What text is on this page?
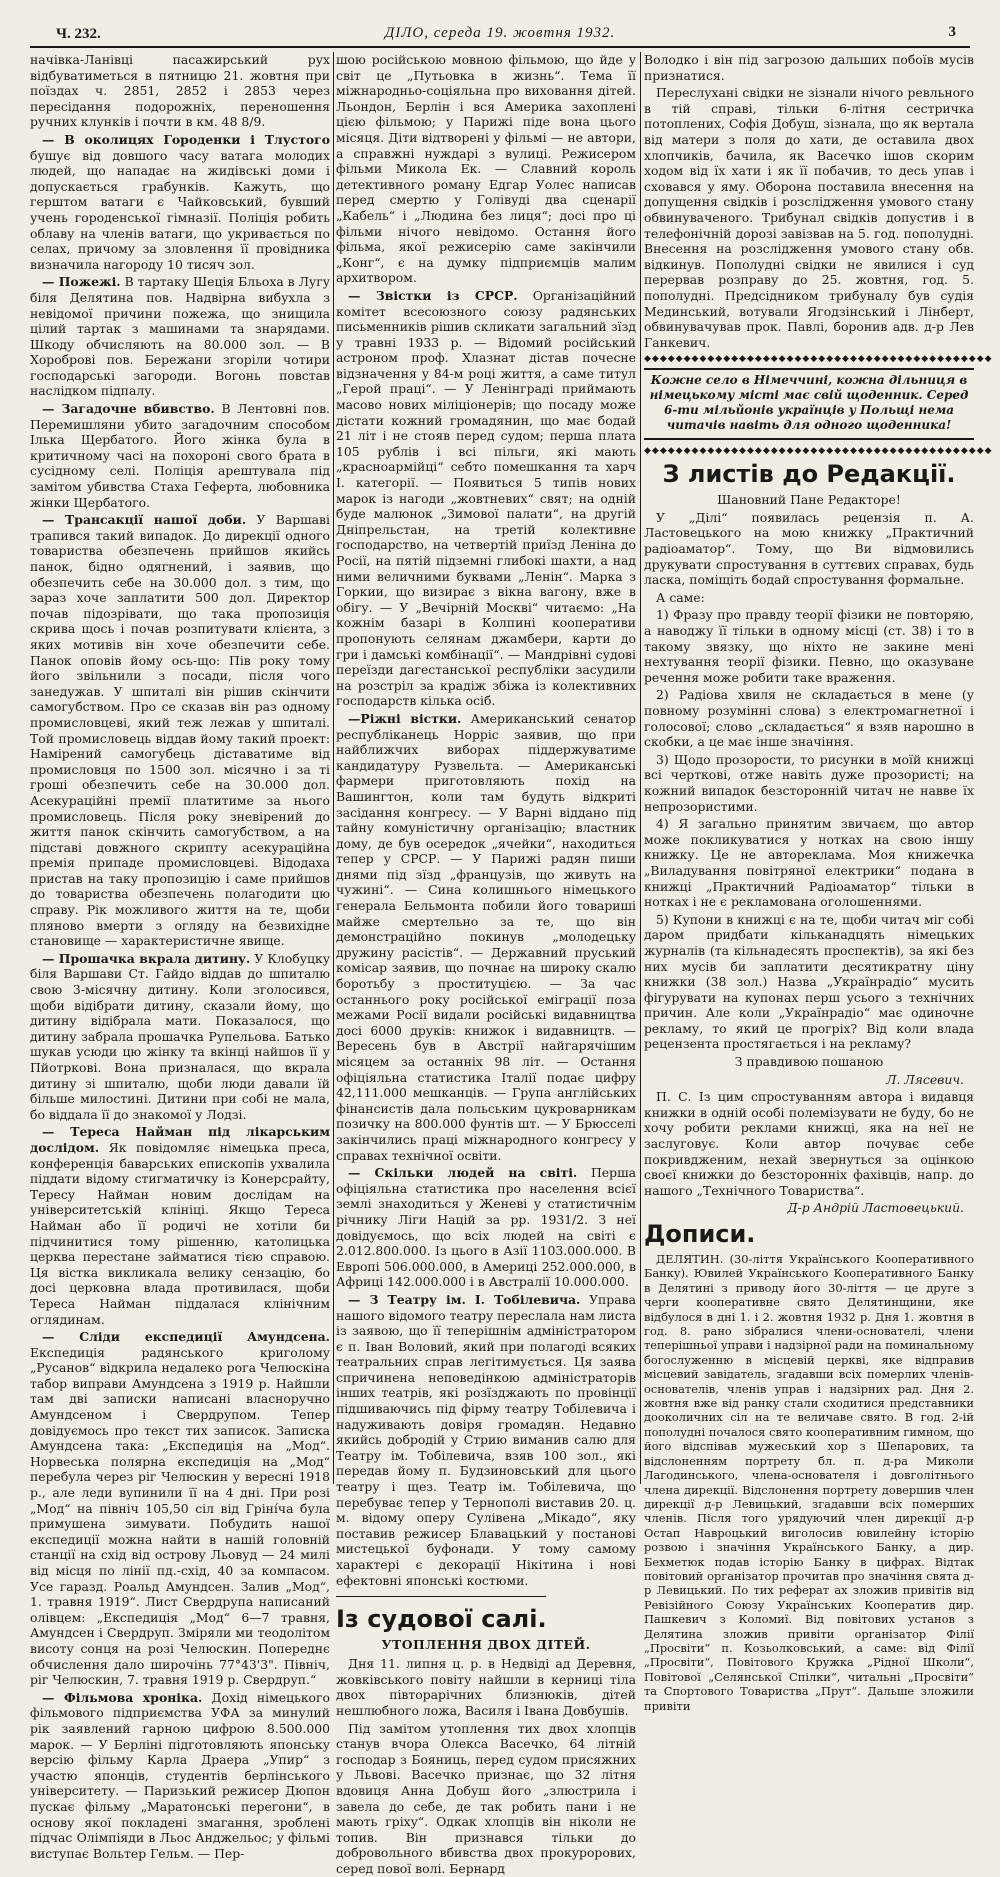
Ч. 232.	ДІЛО, середа 19. жовтня 1932.	3

начівка-Ланівці пасажирський рух відбуватиметься в пятницю 21. жовтня при поїздах ч. 2851, 2852 і 2853 через пересідання подорожніх, переношення ручних клунків і почти в км. 48 8/9.

— В околицях Городенки і Тлустого бушує від довшого часу ватага молодих людей, що нападає на жидівські доми і допускається грабунків. Кажуть, що герштом ватаги є Чайковський, бувший учень городенської гімназії. Поліція робить облаву на членів ватаги, що укривається по селах, причому за зловлення її провідника визначила нагороду 10 тисяч зол.

— Пожежі. В тартаку Шеція Бльоха в Лугу біля Делятина пов. Надвірна вибухла з невідомої причини пожежа, що знищила цілий тартак з машинами та знарядами. Шкоду обчисляють на 80.000 зол. — В Хороброві пов. Бережани згоріли чотири господарські загороди. Вогонь повстав наслідком підпалу.

— Загадочне вбивство. В Лентовні пов. Перемишляни убито загадочним способом Ілька Щербатого. Його жінка була в критичному часі на похороні свого брата в сусідному селі. Поліція арештувала під замітом убивства Стаха Геферта, любовника жінки Щербатого.

— Трансакції нашої доби. У Варшаві трапився такий випадок. До дирекції одного товариства обезпечень прийшов якийсь панок, бідно одягнений, і заявив, що обезпечить себе на 30.000 дол. з тим, що зараз хоче заплатити 500 дол. Директор почав підозрівати, що така пропозиція скрива щось і почав розпитувати клієнта, з яких мотивів він хоче обезпечити себе. Панок оповів йому ось-що: Пів року тому його звільнили з посади, після чого занедужав. У шпиталі він рішив скінчити самогубством. Про се сказав він раз одному промисловцеві, який теж лежав у шпиталі. Той промисловець віддав йому такий проект: Намірений самогубець діставатиме від промисловця по 1500 зол. місячно і за ті гроші обезпечить себе на 30.000 дол. Асекураційні премії платитиме за нього промисловець. Після року зневірений до життя панок скінчить самогубством, а на підставі довжного скрипту асекураційна премія припаде промисловцеві. Відодаха пристав на таку пропозицію і саме прийшов до товариства обезпечень полагодити цю справу. Рік можливого життя на те, щоби пляново вмерти з огляду на безвихідне становище — характеристичне явище.

— Прошачка вкрала дитину. У Клобуцку біля Варшави Ст. Гайдо віддав до шпиталю свою 3-місячну дитину. Коли зголосився, щоби відібрати дитину, сказали йому, що дитину відібрала мати. Показалося, що дитину забрала прошачка Рупельова. Батько шукав усюди цю жінку та вкінці найшов її у Пйотркові. Вона призналася, що вкрала дитину зі шпиталю, щоби люди давали їй більше милостині. Дитини при собі не мала, бо віддала її до знакомої у Лодзі.

— Тереса Найман під лікарським дослідом. Як повідомляє німецька преса, конференція баварських епископів ухвалила піддати відому стигматичку із Конерсрайту, Тересу Найман новим дослідам на університетській клініці. Якщо Тереса Найман або її родичі не хотіли би підчинитися тому рішенню, католицька церква перестане займатися тією справою. Ця вістка викликала велику сензацію, бо досі церковна влада противилася, щоби Тереса Найман піддалася клінічним оглядинам.

— Сліди експедиції Амундсена. Експедиція радянського криголому „Русанов“ відкрила недалеко рога Челюскіна табор виправи Амундсена з 1919 р. Найшли там дві записки написані власноручно Амундсеном і Свердрупом. Тепер довідуємось про текст тих записок. Записка Амундсена така: „Експедиція на „Мод“. Норвеська полярна експедиція на „Мод“ перебула через ріг Челюскин у вересні 1918 р., але леди вупинили її на 4 дні. При розі „Мод“ на північ 105,50 сіл від Гріні́ча була примушена зимувати. Побудить нашої експедиції можна найти в нашій головній станції на схід від острову Льовуд — 24 милі від місця по лінії пд.-схід, 40 за компасом. Усе гаразд. Роальд Амундсен. Залив „Мод“, 1. травня 1919“. Лист Свердрупа написаний олівцем: „Експедиція „Мод“ 6—7 травня, Амундсен і Свердруп. Зміряли ми теодолітом висоту сонця на розі Челюскин. Попереднє обчислення дало широчінь 77°43'3". Північ, ріг Челюскин, 7. травня 1919 р. Свердруп.“

— Фільмова хроніка. Дохід німецького фільмового підприємства УФА за минулий рік заявлений гарною цифрою 8.500.000 марок. — У Берліні підготовляють японську версію фільму Карла Драера „Упир“ з участю японців, студентів берлінського університету. — Паризький режисер Дюпон пускає фільму „Маратонські перегони“, в основу якої покладені змагання, зроблені підчас Олімпіяди в Льос Анджельос; у фільмі виступає Вольтер Гельм. — Пер-

шою російською мовною фільмою, що йде у світ це „Путьовка в жизнь“. Тема її міжнародньо-соціяльна про виховання дітей. Льондон, Берлін і вся Америка захоплені цією фільмою; у Парижі піде вона цього місяця. Діти відтворені у фільмі — не автори, а справжні нуждарі з вулиці. Режисером фільми Микола Ек. — Славний король детективного роману Едгар Уолес написав перед смертю у Голівуді два сценарії „Кабель“ і „Людина без лиця“; досі про ці фільми нічого невідомо. Остання його фільма, якої режисерію саме закінчили „Конг“, є на думку підприємців малим архитвором.

— Звістки із СРСР. Організаційний комітет всесоюзного союзу радянських письменників рішив скликати загальний зїзд у травні 1933 р. — Відомий російський астроном проф. Хлазнат дістав почесне відзначення у 84-м році життя, а саме титул „Герой праці“. — У Ленінграді приймають масово нових міліціонерів; що посаду може дістати кожний громадянин, що має бодай 21 літ і не стояв перед судом; перша плата 105 рублів і всі пільги, які мають „красноармійці“ себто помешкання та харч І. категорії. — Появиться 5 типів нових марок із нагоди „жовтневих“ свят; на одній буде малюнок „Зимової палати“, на другій Дніпрельстан, на третій колективне господарство, на четвертій приїзд Леніна до Росії, на пятій підземні глибокі шахти, а над ними величними буквами „Ленін“. Марка з Горкии, що визирає з вікна вагону, вже в обігу. — У „Вечірній Москві“ читаємо: „На кожнім базарі в Колпині кооперативи пропонують селянам джамбери, карти до гри і дамські комбінації“. — Мандрівні судові переїзди дагестанської республіки засудили на розстріл за крадіж збіжа із колективних господарств кілька осіб.

—Ріжні вістки. Американський сенатор республіканець Норріс заявив, що при найближчих виборах піддержуватиме кандидатуру Рузвельта. — Американські фармери приготовляють похід на Вашингтон, коли там будуть відкриті засідання конгресу. — У Варні віддано під тайну комуністичну організацію; властник дому, де був осередок „ячейки“, находиться тепер у СРСР. — У Парижі радян пиши днями під зїзд „французів, що живуть на чужині“. — Сина колишнього німецького генерала Бельмонта побили його товариші майже смертельно за те, що він демонстраційно покинув „молодецьку дружину расістів“. — Державний пруський комісар заявив, що почнає на широку скалю боротьбу з проституцією. — За час останнього року російської еміграції поза межами Росії видали російські видавництва досі 6000 друків: книжок і видавництв. — Вересень був в Австрії найгарячішим місяцем за останніх 98 літ. — Остання офіціяльна статистика Італії подає цифру 42,111.000 мешканців. — Група англійських фінансистів дала польським цукроварникам позичку на 800.000 фунтів шт. — У Брюсселі закінчились праці міжнародного конгресу у справах технічної освіти.

— Скільки людей на світі. Перша офіціяльна статистика про населення всієї землі знаходиться у Женеві у статистичнім річнику Ліги Націй за рр. 1931/2. З неї довідуємось, що всіх людей на світі є 2.012.800.000. Із цього в Азії 1103.000.000. В Европі 506.000.000, в Америці 252.000.000, в Африці 142.000.000 і в Австралії 10.000.000.

— З Театру ім. І. Тобілевича. Управа нашого відомого театру переслала нам листа із заявою, що її теперішнім адміністратором є п. Іван Воловий, який при полагоді всяких театральних справ легітимується. Ця заява спричинена неповедінкою адміністраторів інших театрів, які розїзджають по провінції підшиваючись під фірму театру Тобілевича і надуживають довіря громадян. Недавно якийсь добродій у Стрию виманив салю для Театру ім. Тобілевича, взяв 100 зол., які передав йому п. Будзиновський для цього театру і щез. Театр ім. Тобілевича, що перебуває тепер у Тернополі виставив 20. ц. м. відому оперу Сулівена „Мікадо“, яку поставив режисер Блавацький у постанові мистецької буфонади. У тому самому характері є декорації Нікітина і нові ефектовні японські костюми.

Із судової салі.
УТОПЛЕННЯ ДВОХ ДІТЕЙ.

Дня 11. липня ц. р. в Недвіді ад Деревня, жовківського повіту найшли в керниці тіла двох півторарічних близнюків, дітей нешлюбного ложа, Василя і Івана Довбушів.

Під замітом утоплення тих двох хлопців станув вчора Олекса Васечко, 64 літній господар з Бояниць, перед судом присяжних у Львові. Васечко признає, що 32 літня вдовиця Анна Добуш його „злюстрила і завела до себе, де так робить пани і не мають гріху“. Одкак хлопців він ніколи не топив. Він признався тільки до добровольного вбивства двох прокурорових, серед пової волі. Бернард

Володко і він під загрозою дальших побоїв мусів признатися.

Переслухані свідки не зізнали нічого ревльного в тій справі, тільки 6-літня сестричка потоплених, Софія Добуш, зізнала, що як вертала від матери з поля до хати, де оставила двох хлопчиків, бачила, як Васечко ішов скорим ходом від їх хати і як її побачив, то десь упав і сховався у яму. Оборона поставила внесення на допущення свідків і розслідження умового стану обвинуваченого. Трибунал свідків допустив і в телефонічній дорозі завізвав на 5. год. пополудні. Внесення на розслідження умового стану обв. відкинув. Пополудні свідки не явилися і суд перервав розправу до 25. жовтня, год. 5. пополудні. Предсідником трибуналу був судія Мединський, вотували Ягодзінський і Лінберт, обвинувачував прок. Павлі, боронив адв. д-р Лев Ганкевич.

◆◆◆◆◆◆◆◆◆◆◆◆◆◆◆◆◆◆◆◆◆◆◆◆◆◆◆◆◆◆◆◆◆◆◆◆◆◆◆◆◆◆◆◆

Кожне село в Німеччині, кожна дільниця в німецькому місті має свій щоденник. Серед 6-ти мільйонів українців у Польщі нема читачів навіть для одного щоденника!

◆◆◆◆◆◆◆◆◆◆◆◆◆◆◆◆◆◆◆◆◆◆◆◆◆◆◆◆◆◆◆◆◆◆◆◆◆◆◆◆◆◆◆◆
З листів до Редакції.

Шановний Пане Редакторе!

У „Ділі“ появилась рецензія п. А. Ластовецького на мою книжку „Практичний радіоаматор“. Тому, що Ви відмовились друкувати спростування в суттєвих справах, будь ласка, поміщіть бодай спростування формальне.

А саме:

1) Фразу про правду теорії фізики не повторяю, а наводжу її тільки в одному місці (ст. 38) і то в такому звязку, що ніхто не закине мені нехтування теорії фізики. Певно, що оказуване речення може робити таке враження.

2) Радіова хвиля не складається в мене (у повному розумінні слова) з електромагнетної і голосової; слово „складається“ я взяв нарошно в скобки, а це має інше значіння.

3) Щодо прозорости, то рисунки в моїй книжці всі черткові, отже навіть дуже прозористі; на кожний випадок безсторонній читач не навве їх непрозористими.

4) Я загально принятим звичаєм, що автор може покликуватися у нотках на свою іншу книжку. Це не автореклама. Моя книжечка „Виладування повітряної електрики“ подана в книжці „Практичний Радіоаматор“ тільки в нотках і не є рекламована оголошеннями.

5) Купони в книжці є на те, щоби читач міг собі даром придбати кільканадцять німецьких журналів (та кільнадесять проспектів), за які без них мусів би заплатити десятикратну ціну книжки (38 зол.) Назва „Українрадіо“ мусить фігурувати на купонах перш усього з технічних причин. Але коли „Українрадіо“ має одиночне рекламу, то який це прогріх? Від коли влада рецензента простягається і на рекламу?

З правдивою пошаною

Л. Лясевич.

П. С. Із цим спростуванням автора і видавця книжки в одній особі полемізувати не буду, бо не хочу робити реклами книжці, яка на неї не заслуговує. Коли автор почуває себе покривдженим, нехай звернуться за оцінкою своєї книжки до безсторонніх фахівців, напр. до нашого „Технічного Товариства“.

Д-р Андрій Ластовецький.

Дописи.

ДЕЛЯТИН. (30-ліття Українського Кооперативного Банку). Ювилей Українського Кооперативного Банку в Делятині з приводу його 30-ліття — це друге з черги кооперативне свято Делятинщини, яке відбулося в дні 1. і 2. жовтня 1932 р. Дня 1. жовтня в год. 8. рано зібралися члени-основателі, члени теперішньої управи і надзірної ради на поминальному богослуженню в місцевій церкві, яке відправив місцевий завідатель, згадавши всіх померлих членів-основателів, членів управ і надзірних рад. Дня 2. жовтня вже від ранку стали сходитися представники дооколичних сіл на те величаве свято. В год. 2-ій пополудні почалося свято кооперативним гимном, що його відспівав мужеський хор з Шепарових, та відслоненням портрету бл. п. д-ра Миколи Лагодинського, члена-основателя і довголітнього члена дирекції. Відслонення портрету довершив член дирекції д-р Левицький, згадавши всіх померших членів. Після того урядуючий член дирекції д-р Остап Навроцький виголосив ювилейну історію розвою і значіння Українського Банку, а дир. Бехметюк подав історію Банку в цифрах. Відтак повітовий організатор прочитав про значіння свята д-р Левицький. По тих реферат ах зложив привітів від Ревізійного Союзу Українських Кооператив дир. Пашкевич з Коломиї. Від повітових установ з Делятина зложив привіти організатор Філії „Просвіти“ п. Козьолковський, а саме: від Філії „Просвіти“, Повітового Кружка „Рідної Школи“, Повітової „Селянської Спілки“, читальні „Просвіти“ та Спортового Товариства „Прут“. Дальше зложили привіти
